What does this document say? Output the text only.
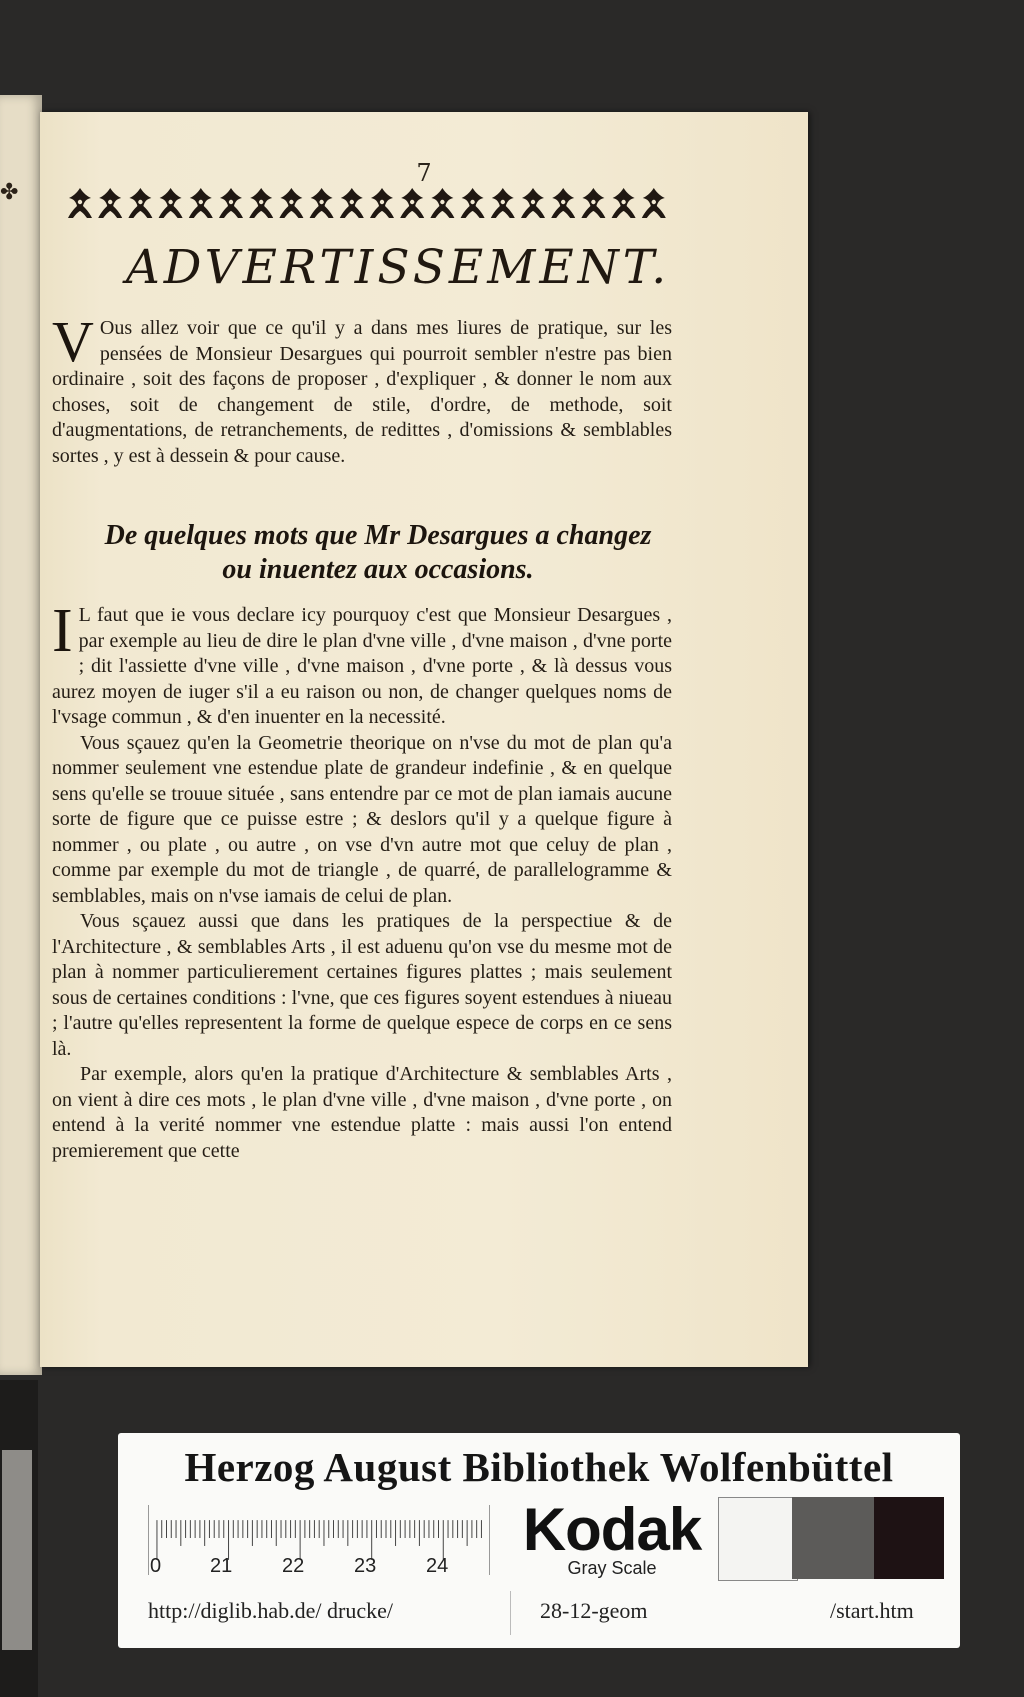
✤
7
ADVERTISSEMENT.
V Ous allez voir que ce qu'il y a dans mes liures de pratique, sur les pensées de Monsieur Desargues qui pourroit sembler n'estre pas bien ordinaire , soit des façons de proposer , d'expliquer , & donner le nom aux choses, soit de changement de stile, d'ordre, de methode, soit d'augmentations, de retranchements, de redittes , d'omissions & semblables sortes , y est à dessein & pour cause.
De quelques mots que Mr Desargues a changez
ou inuentez aux occasions.

I L faut que ie vous declare icy pourquoy c'est que Monsieur Desargues , par exemple au lieu de dire le plan d'vne ville , d'vne maison , d'vne porte ; dit l'assiette d'vne ville , d'vne maison , d'vne porte , & là dessus vous aurez moyen de iuger s'il a eu raison ou non, de changer quelques noms de l'vsage commun , & d'en inuenter en la necessité.

Vous sçauez qu'en la Geometrie theorique on n'vse du mot de plan qu'a nommer seulement vne estendue plate de grandeur indefinie , & en quelque sens qu'elle se trouue située , sans entendre par ce mot de plan iamais aucune sorte de figure que ce puisse estre ; & deslors qu'il y a quelque figure à nommer , ou plate , ou autre , on vse d'vn autre mot que celuy de plan , comme par exemple du mot de triangle , de quarré, de parallelogramme & semblables, mais on n'vse iamais de celui de plan.

Vous sçauez aussi que dans les pratiques de la perspectiue & de l'Architecture , & semblables Arts , il est aduenu qu'on vse du mesme mot de plan à nommer particulierement certaines figures plattes ; mais seulement sous de certaines conditions : l'vne, que ces figures soyent estendues à niueau ; l'autre qu'elles representent la forme de quelque espece de corps en ce sens là.

Par exemple, alors qu'en la pratique d'Architecture & semblables Arts , on vient à dire ces mots , le plan d'vne ville , d'vne maison , d'vne porte , on entend à la verité nommer vne estendue platte : mais aussi l'on entend premierement que cette

Herzog August Bibliothek Wolfenbüttel
0 21 22 23 24
Kodak
Gray Scale
http://diglib.hab.de/ drucke/	28-12-geom	/start.htm
